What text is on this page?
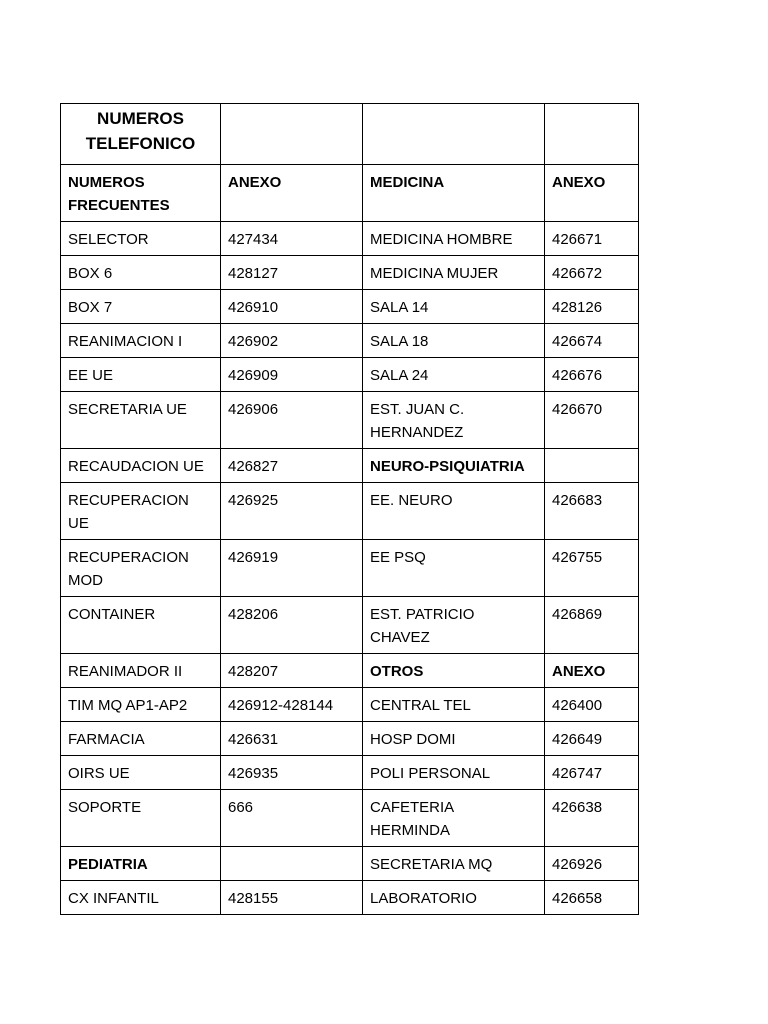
NUMEROS TELEFONICO			
NUMEROS FRECUENTES	ANEXO	MEDICINA	ANEXO
SELECTOR	427434	MEDICINA HOMBRE	426671
BOX 6	428127	MEDICINA MUJER	426672
BOX 7	426910	SALA 14	428126
REANIMACION I	426902	SALA 18	426674
EE UE	426909	SALA 24	426676
SECRETARIA UE	426906	EST. JUAN C. HERNANDEZ	426670
RECAUDACION UE	426827	NEURO-PSIQUIATRIA	
RECUPERACION UE	426925	EE. NEURO	426683
RECUPERACION MOD	426919	EE PSQ	426755
CONTAINER	428206	EST. PATRICIO CHAVEZ	426869
REANIMADOR II	428207	OTROS	ANEXO
TIM MQ AP1-AP2	426912-428144	CENTRAL TEL	426400
FARMACIA	426631	HOSP DOMI	426649
OIRS UE	426935	POLI PERSONAL	426747
SOPORTE	666	CAFETERIA HERMINDA	426638
PEDIATRIA		SECRETARIA MQ	426926
CX INFANTIL	428155	LABORATORIO	426658
